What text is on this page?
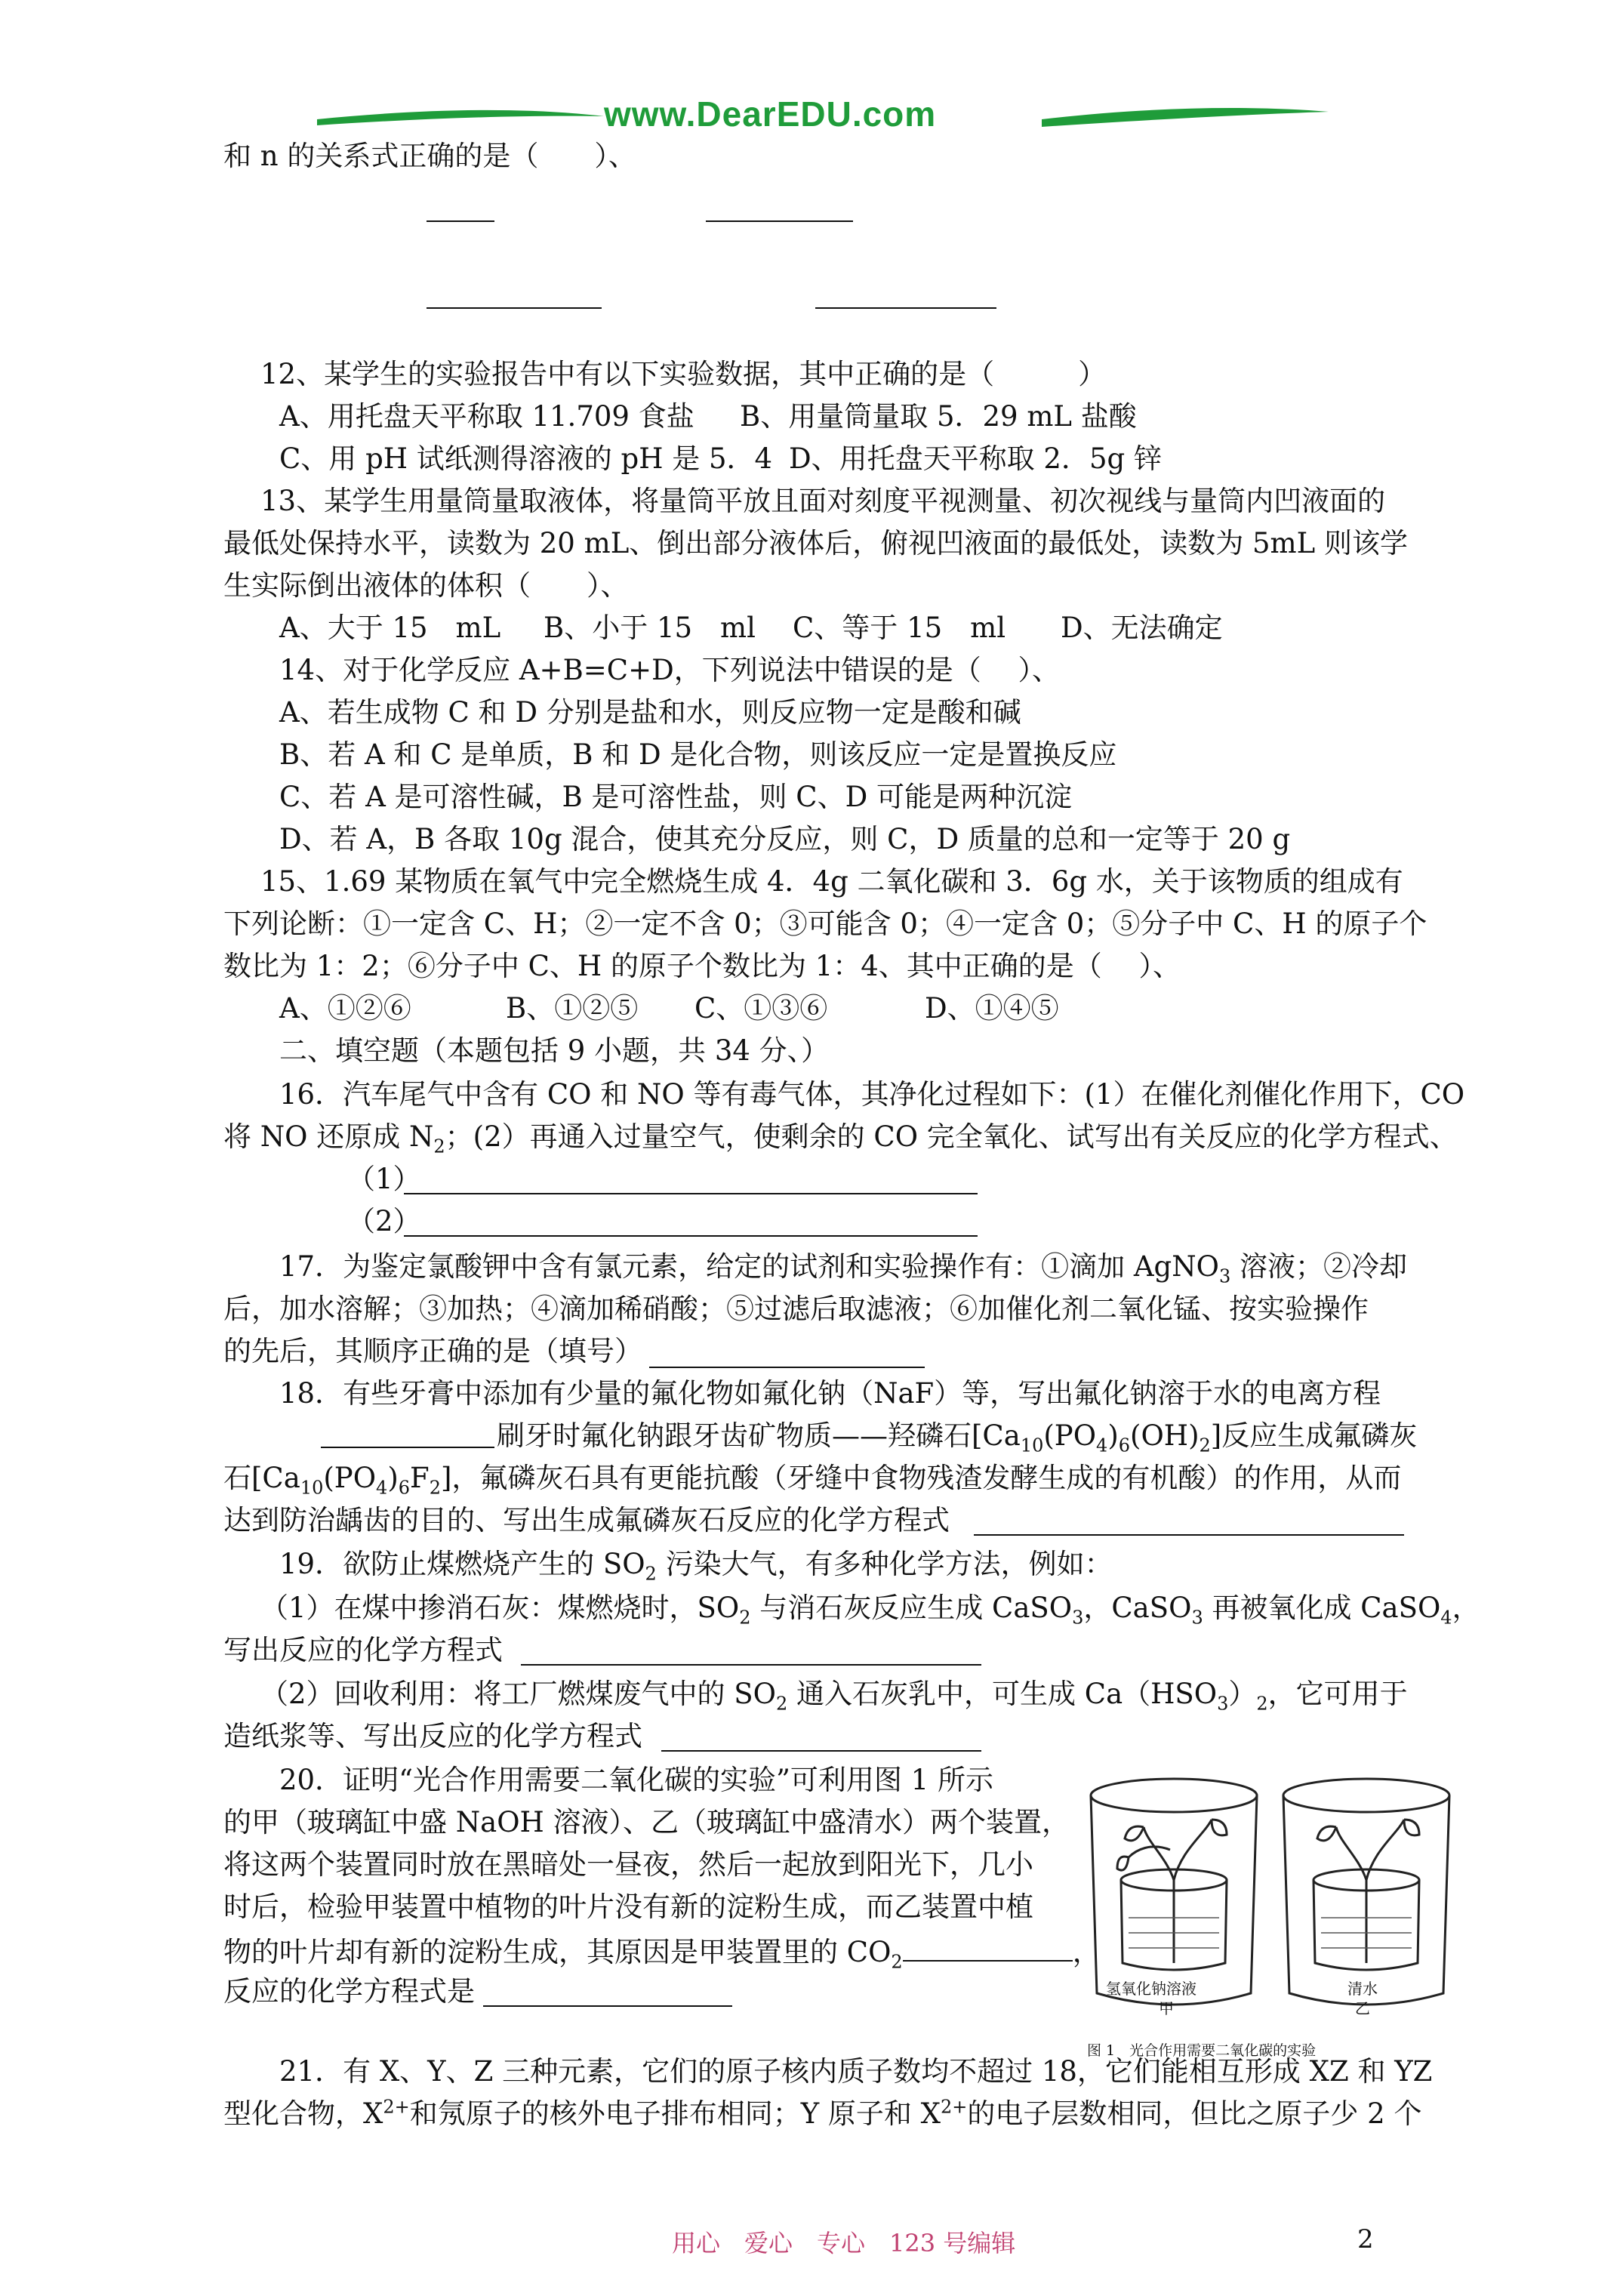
www.DearEDU.com
和 n 的关系式正确的是（　　）、
12、某学生的实验报告中有以下实验数据，其中正确的是（　　　）
A、用托盘天平称取 11.709 食盐 B、用量筒量取 5．29 mL 盐酸
C、用 pH 试纸测得溶液的 pH 是 5．4 D、用托盘天平称取 2．5g 锌
13、某学生用量筒量取液体，将量筒平放且面对刻度平视测量、初次视线与量筒内凹液面的
最低处保持水平，读数为 20 mL、倒出部分液体后，俯视凹液面的最低处，读数为 5mL 则该学
生实际倒出液体的体积（　　）、
A、大于 15　mL B、小于 15　ml C、等于 15　ml D、无法确定
14、对于化学反应 A+B=C+D，下列说法中错误的是（　 ）、
A、若生成物 C 和 D 分别是盐和水，则反应物一定是酸和碱
B、若 A 和 C 是单质，B 和 D 是化合物，则该反应一定是置换反应
C、若 A 是可溶性碱，B 是可溶性盐，则 C、D 可能是两种沉淀
D、若 A，B 各取 10g 混合，使其充分反应，则 C，D 质量的总和一定等于 20 g
15、1.69 某物质在氧气中完全燃烧生成 4．4g 二氧化碳和 3．6g 水，关于该物质的组成有
下列论断：①一定含 C、H；②一定不含 0；③可能含 0；④一定含 0；⑤分子中 C、H 的原子个
数比为 1：2；⑥分子中 C、H 的原子个数比为 1：4、其中正确的是（　 ）、
A、①②⑥	B、①②⑤ C、①③⑥	D、①④⑤
二、填空题（本题包括 9 小题，共 34 分、）
16．汽车尾气中含有 CO 和 NO 等有毒气体，其净化过程如下：(1）在催化剂催化作用下，CO
将 NO 还原成 $N_2$；(2）再通入过量空气，使剩余的 CO 完全氧化、试写出有关反应的化学方程式、
（1）
（2）
17．为鉴定氯酸钾中含有氯元素，给定的试剂和实验操作有：①滴加 AgNO$_3$ 溶液；②冷却
后，加水溶解；③加热；④滴加稀硝酸；⑤过滤后取滤液；⑥加催化剂二氧化锰、按实验操作
的先后，其顺序正确的是（填号）
18．有些牙膏中添加有少量的氟化物如氟化钠（NaF）等，写出氟化钠溶于水的电离方程
刷牙时氟化钠跟牙齿矿物质——羟磷石$[Ca_{10}(PO_4)_6(OH)_2]$反应生成氟磷灰
石$[Ca_{10}(PO_4)_6F_2]$，氟磷灰石具有更能抗酸（牙缝中食物残渣发酵生成的有机酸）的作用，从而
达到防治龋齿的目的、写出生成氟磷灰石反应的化学方程式
19．欲防止煤燃烧产生的 $SO_2$ 污染大气，有多种化学方法，例如：
（1）在煤中掺消石灰：煤燃烧时，$SO_2$ 与消石灰反应生成 CaSO$_3$，CaSO$_3$ 再被氧化成 CaSO$_4$，
写出反应的化学方程式
（2）回收利用：将工厂燃煤废气中的 $SO_2$ 通入石灰乳中，可生成 $Ca(HSO_3)_2$，它可用于
造纸浆等、写出反应的化学方程式
20．证明“光合作用需要二氧化碳的实验”可利用图 1 所示
的甲（玻璃缸中盛 NaOH 溶液）、乙（玻璃缸中盛清水）两个装置，
将这两个装置同时放在黑暗处一昼夜，然后一起放到阳光下，几小
时后，检验甲装置中植物的叶片没有新的淀粉生成，而乙装置中植
物的叶片却有新的淀粉生成，其原因是甲装置里的 $CO_2$	，
反应的化学方程式是	氢氧化钠溶液
甲
清水
乙
图 1　光合作用需要二氧化碳的实验
21．有 X、Y、Z 三种元素，它们的原子核内质子数均不超过 18，它们能相互形成 XZ 和 YZ
型化合物，$X^{2+}$和氖原子的核外电子排布相同；Y 原子和 $X^{2+}$的电子层数相同，但比之原子少 2 个
用心　爱心　专心　123 号编辑	2
